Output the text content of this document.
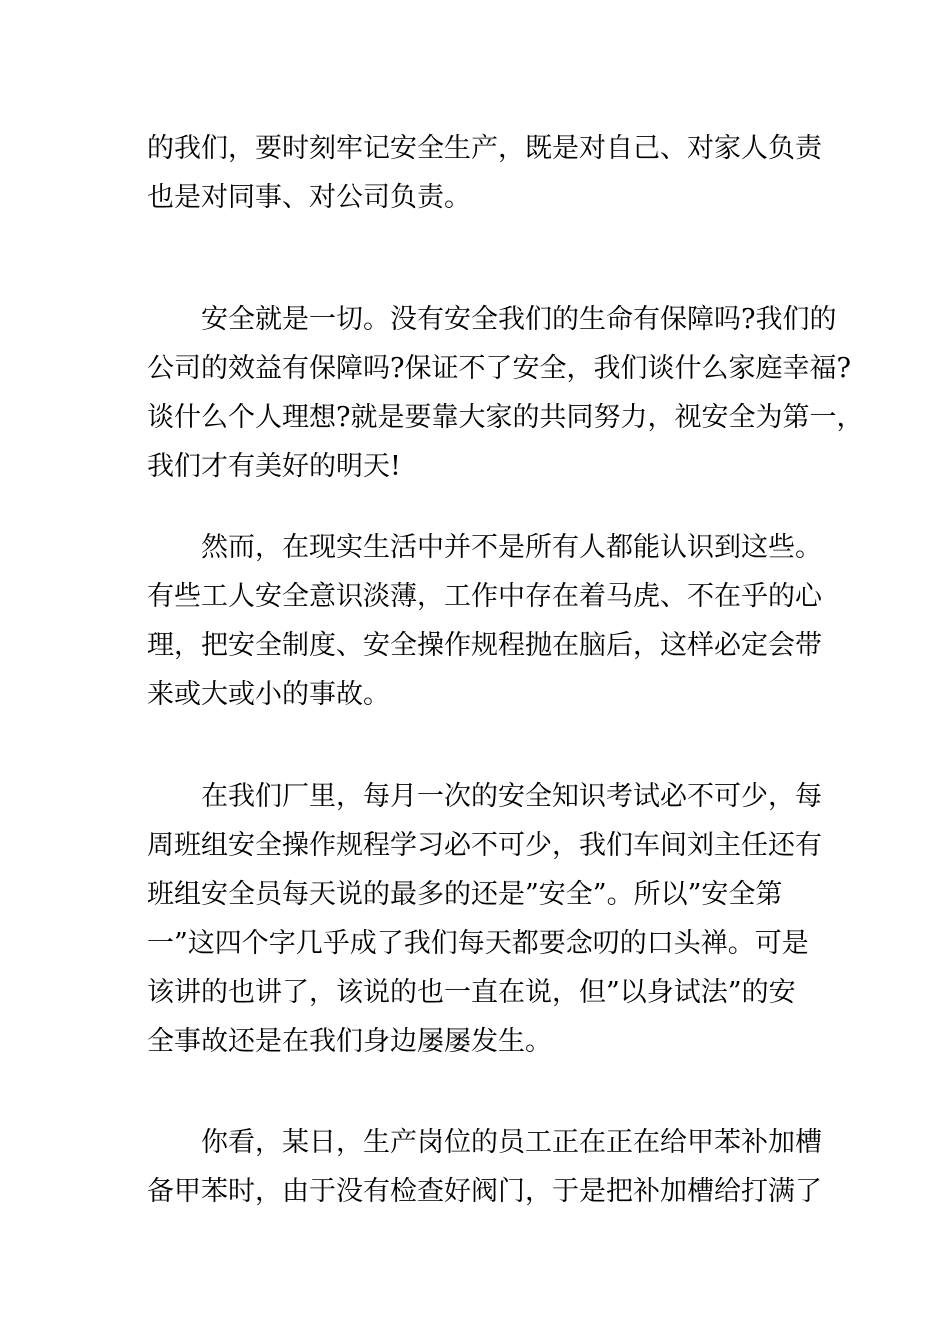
的我们，要时刻牢记安全生产，既是对自己、对家人负责
也是对同事、对公司负责。
安全就是一切。没有安全我们的生命有保障吗?我们的
公司的效益有保障吗?保证不了安全，我们谈什么家庭幸福?
谈什么个人理想?就是要靠大家的共同努力，视安全为第一，
我们才有美好的明天!
然而，在现实生活中并不是所有人都能认识到这些。
有些工人安全意识淡薄，工作中存在着马虎、不在乎的心
理，把安全制度、安全操作规程抛在脑后，这样必定会带
来或大或小的事故。
在我们厂里，每月一次的安全知识考试必不可少，每
周班组安全操作规程学习必不可少，我们车间刘主任还有
班组安全员每天说的最多的还是”安全”。所以”安全第
一”这四个字几乎成了我们每天都要念叨的口头禅。可是
该讲的也讲了，该说的也一直在说，但”以身试法”的安
全事故还是在我们身边屡屡发生。
你看，某日，生产岗位的员工正在正在给甲苯补加槽
备甲苯时，由于没有检查好阀门，于是把补加槽给打满了
